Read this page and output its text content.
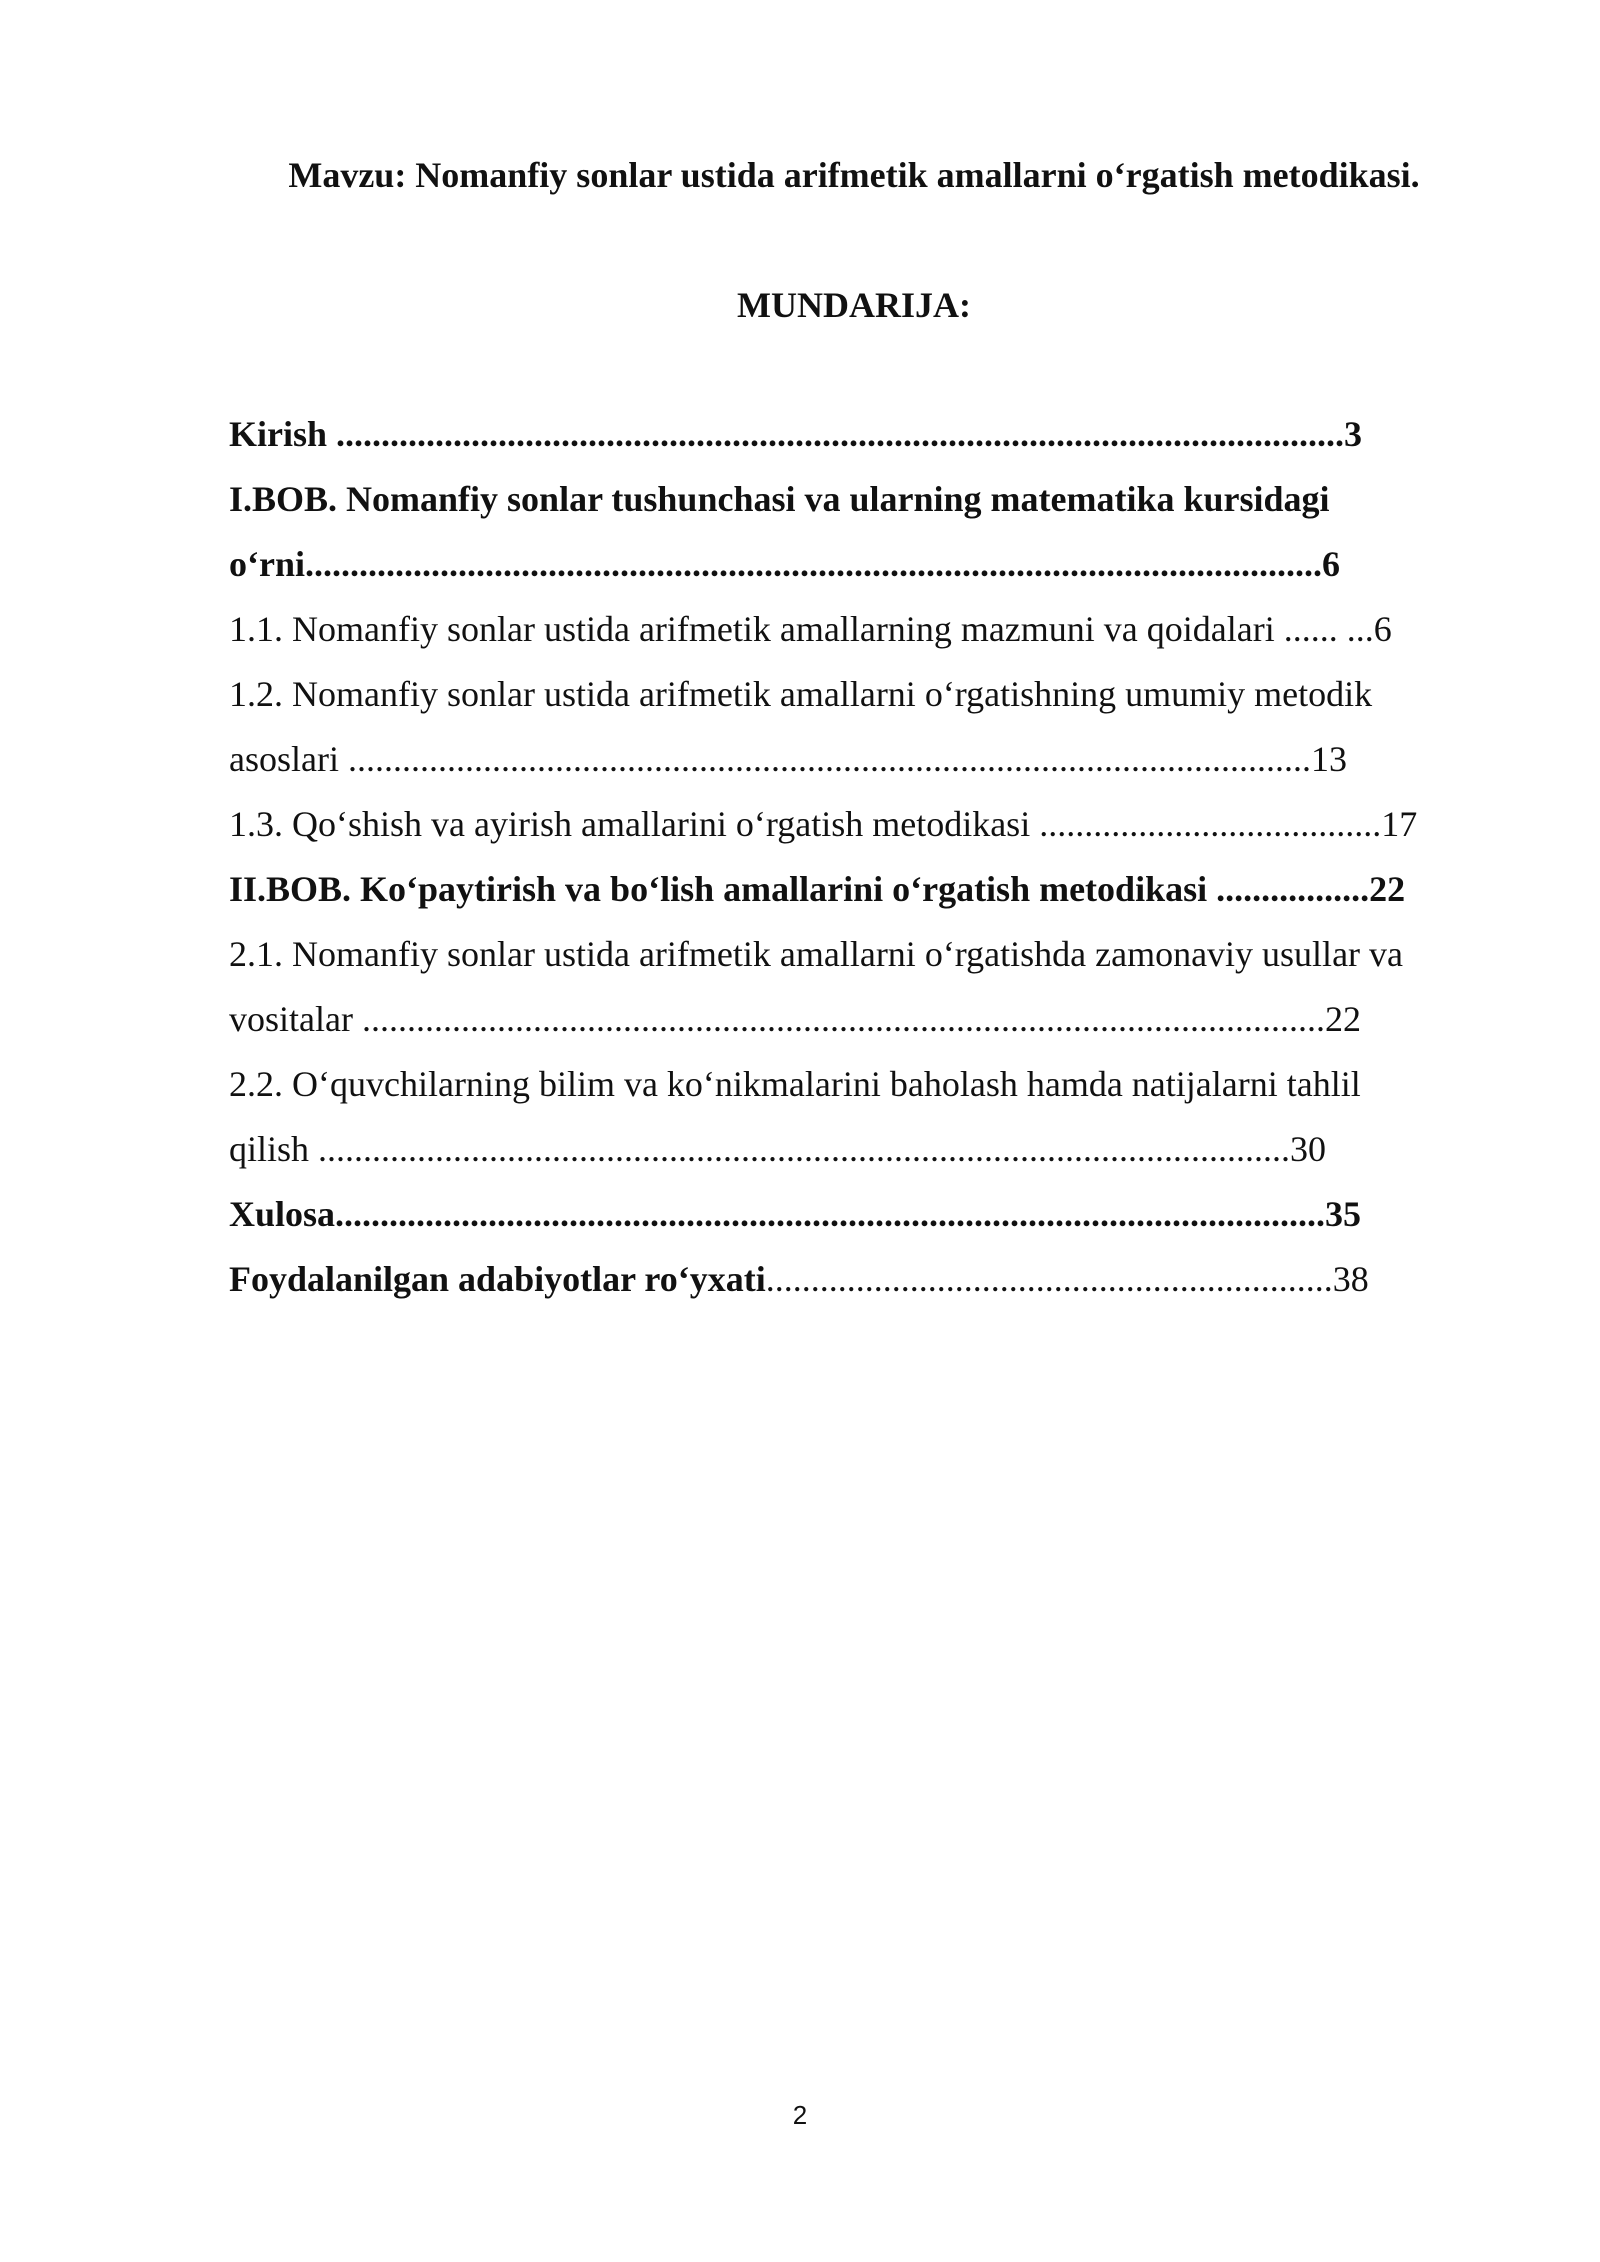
Mavzu: Nomanfiy sonlar ustida arifmetik amallarni o‘rgatish metodikasi.

MUNDARIJA:

Kirish ................................................................................................................3
I.BOB. Nomanfiy sonlar tushunchasi va ularning matematika kursidagi
o‘rni.................................................................................................................6
1.1. Nomanfiy sonlar ustida arifmetik amallarning mazmuni va qoidalari ...... ...6
1.2. Nomanfiy sonlar ustida arifmetik amallarni o‘rgatishning umumiy metodik
asoslari ...........................................................................................................13
1.3. Qo‘shish va ayirish amallarini o‘rgatish metodikasi ......................................17
II.BOB. Ko‘paytirish va bo‘lish amallarini o‘rgatish metodikasi .................22
2.1. Nomanfiy sonlar ustida arifmetik amallarni o‘rgatishda zamonaviy usullar va
vositalar ...........................................................................................................22
2.2. O‘quvchilarning bilim va ko‘nikmalarini baholash hamda natijalarni tahlil
qilish ............................................................................................................30
Xulosa..............................................................................................................35
Foydalanilgan adabiyotlar ro‘yxati...............................................................38
2
